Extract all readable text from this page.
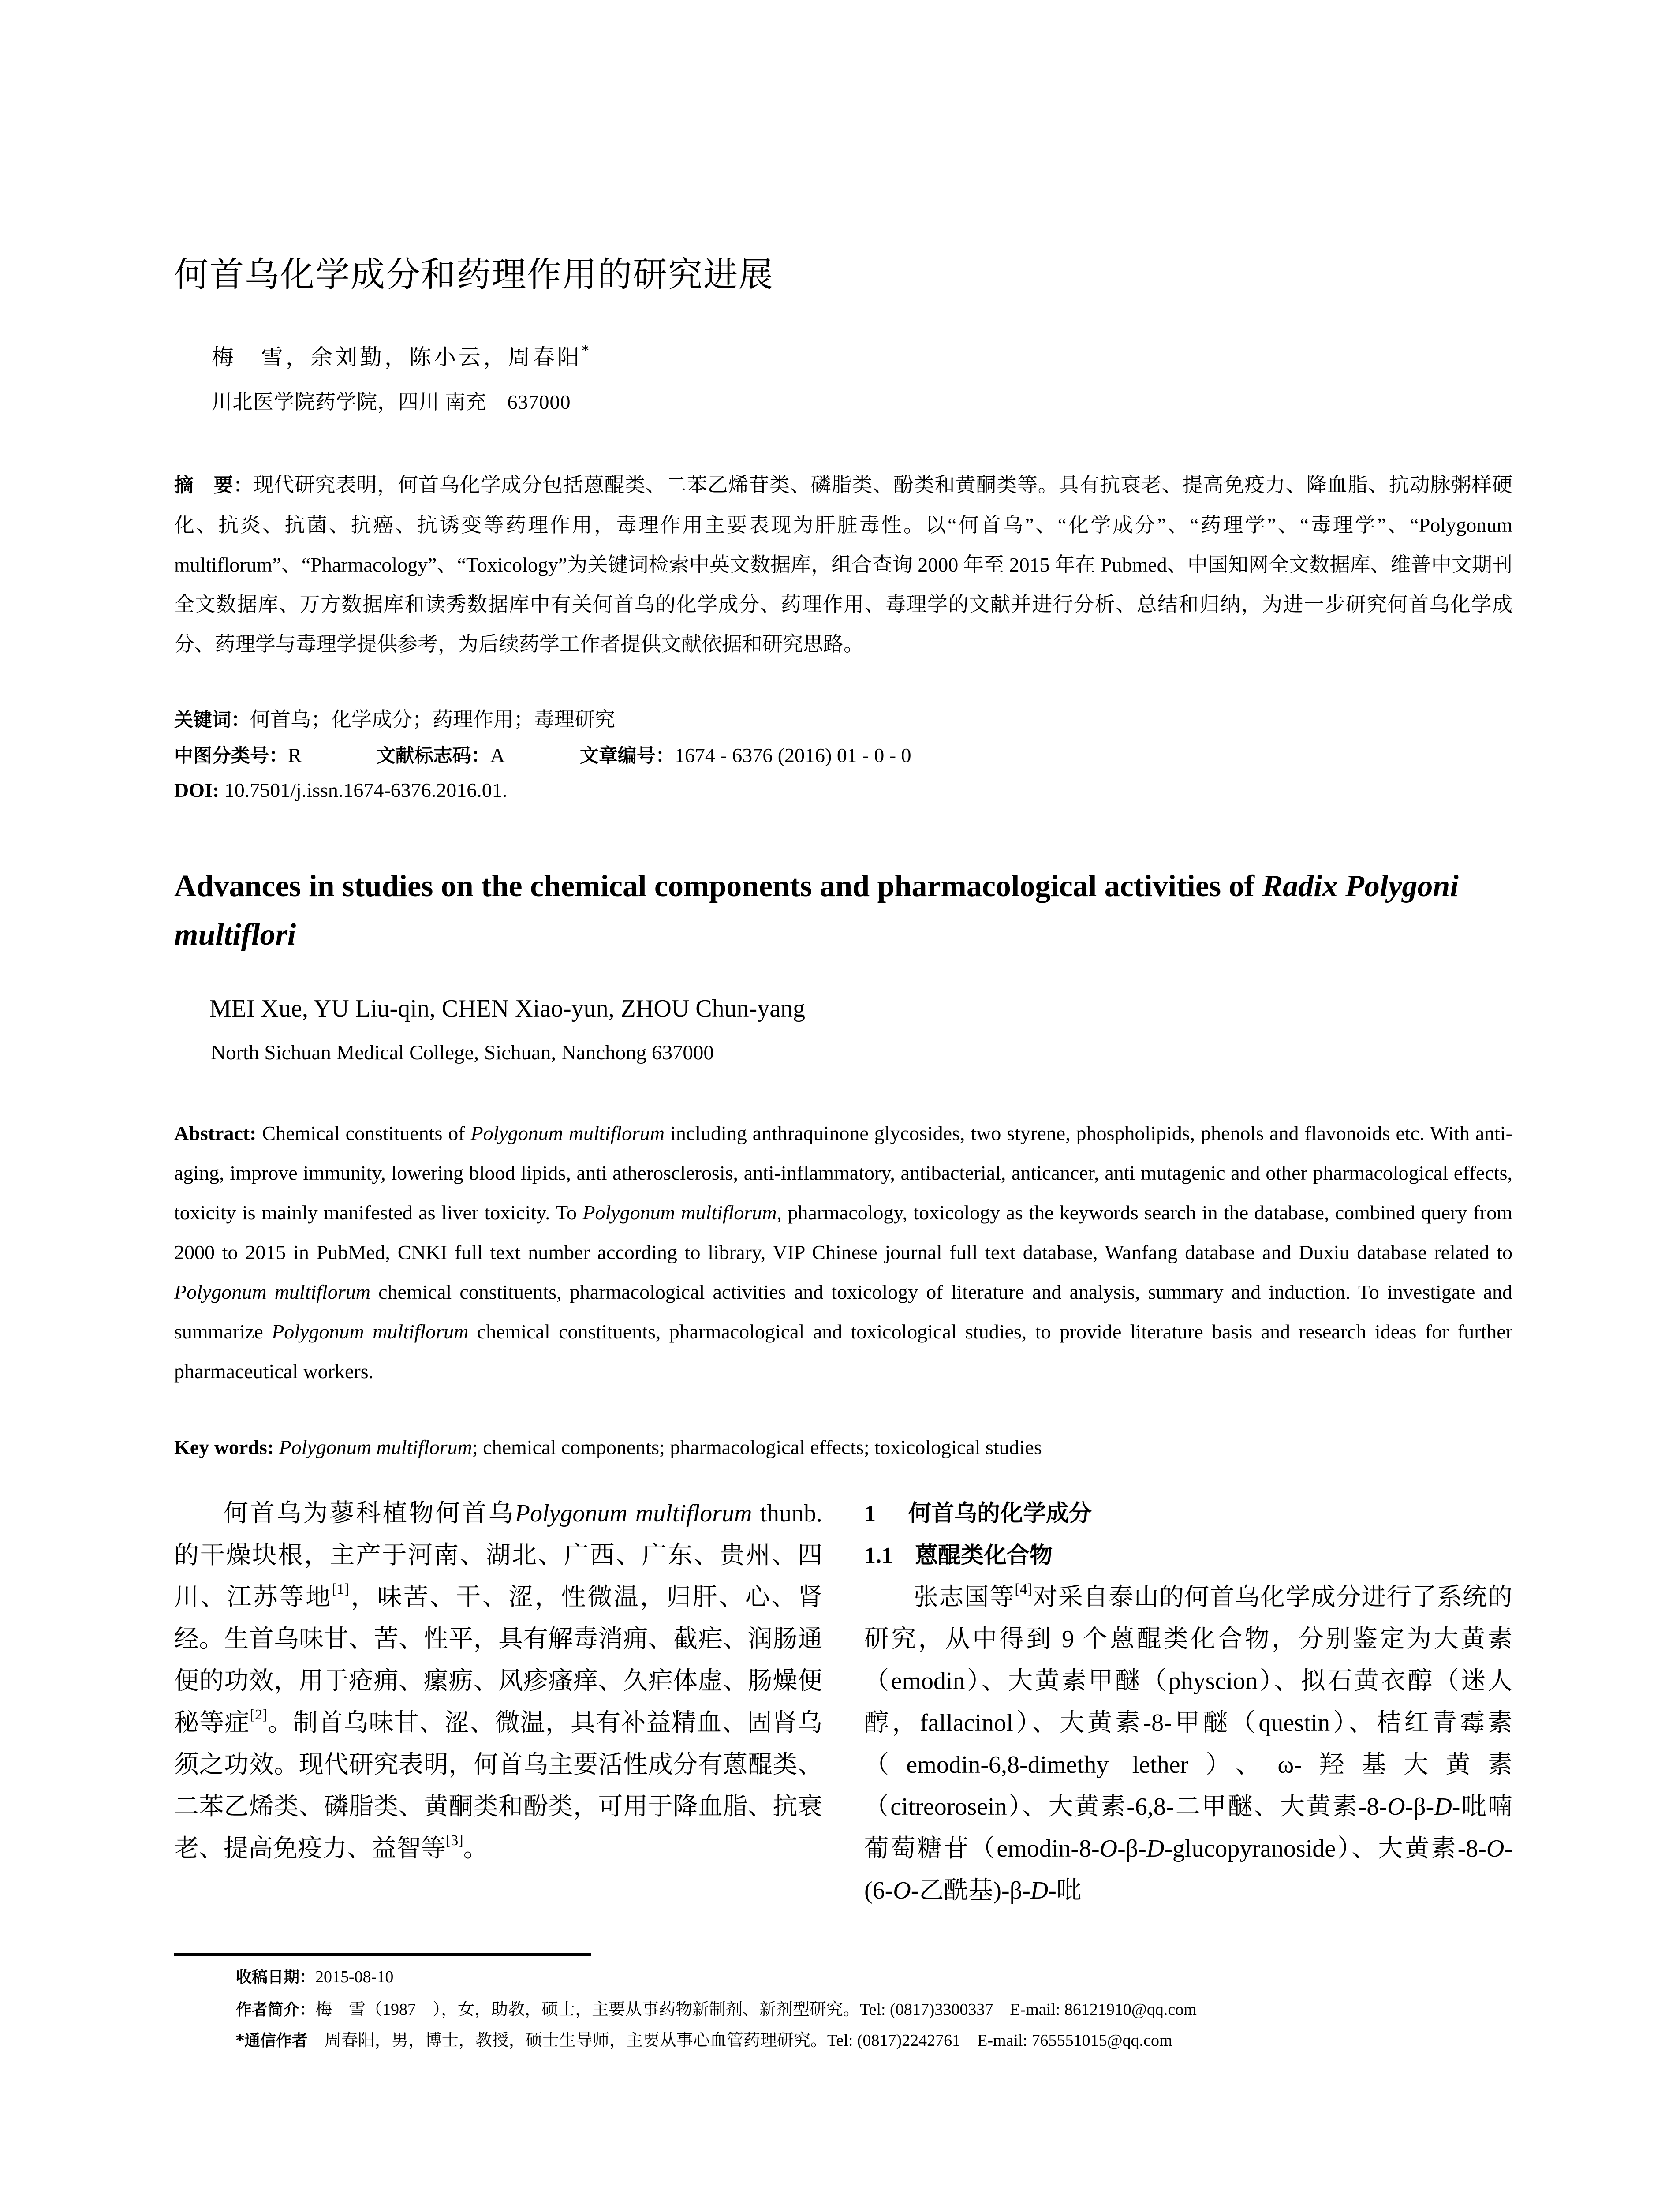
何首乌化学成分和药理作用的研究进展
梅　雪，余刘勤，陈小云，周春阳*
川北医学院药学院，四川 南充　637000
摘　要：现代研究表明，何首乌化学成分包括蒽醌类、二苯乙烯苷类、磷脂类、酚类和黄酮类等。具有抗衰老、提高免疫力、降血脂、抗动脉粥样硬化、抗炎、抗菌、抗癌、抗诱变等药理作用，毒理作用主要表现为肝脏毒性。以“何首乌”、“化学成分”、“药理学”、“毒理学”、“Polygonum multiflorum”、“Pharmacology”、“Toxicology”为关键词检索中英文数据库，组合查询 2000 年至 2015 年在 Pubmed、中国知网全文数据库、维普中文期刊全文数据库、万方数据库和读秀数据库中有关何首乌的化学成分、药理作用、毒理学的文献并进行分析、总结和归纳，为进一步研究何首乌化学成分、药理学与毒理学提供参考，为后续药学工作者提供文献依据和研究思路。
关键词：何首乌；化学成分；药理作用；毒理研究
中图分类号：R	文献标志码：A	文章编号：1674 - 6376 (2016) 01 - 0 - 0
DOI: 10.7501/j.issn.1674-6376.2016.01.
Advances in studies on the chemical components and pharmacological activities of Radix Polygoni multiflori
MEI Xue, YU Liu-qin, CHEN Xiao-yun, ZHOU Chun-yang
North Sichuan Medical College, Sichuan, Nanchong 637000
Abstract: Chemical constituents of Polygonum multiflorum including anthraquinone glycosides, two styrene, phospholipids, phenols and flavonoids etc. With anti-aging, improve immunity, lowering blood lipids, anti atherosclerosis, anti-inflammatory, antibacterial, anticancer, anti mutagenic and other pharmacological effects, toxicity is mainly manifested as liver toxicity. To Polygonum multiflorum, pharmacology, toxicology as the keywords search in the database, combined query from 2000 to 2015 in PubMed, CNKI full text number according to library, VIP Chinese journal full text database, Wanfang database and Duxiu database related to Polygonum multiflorum chemical constituents, pharmacological activities and toxicology of literature and analysis, summary and induction. To investigate and summarize Polygonum multiflorum chemical constituents, pharmacological and toxicological studies, to provide literature basis and research ideas for further pharmaceutical workers.
Key words: Polygonum multiflorum; chemical components; pharmacological effects; toxicological studies

何首乌为蓼科植物何首乌Polygonum multiflorum thunb. 的干燥块根，主产于河南、湖北、广西、广东、贵州、四川、江苏等地[1]，味苦、干、涩，性微温，归肝、心、肾经。生首乌味甘、苦、性平，具有解毒消痈、截疟、润肠通便的功效，用于疮痈、瘰疬、风疹瘙痒、久疟体虚、肠燥便秘等症[2]。制首乌味甘、涩、微温，具有补益精血、固肾乌须之功效。现代研究表明，何首乌主要活性成分有蒽醌类、二苯乙烯类、磷脂类、黄酮类和酚类，可用于降血脂、抗衰老、提高免疫力、益智等[3]。

1 何首乌的化学成分
1.1 蒽醌类化合物

张志国等[4]对采自泰山的何首乌化学成分进行了系统的研究，从中得到 9 个蒽醌类化合物，分别鉴定为大黄素（emodin）、大黄素甲醚（physcion）、拟石黄衣醇（迷人醇，fallacinol）、大黄素-8-甲醚（questin）、桔红青霉素（emodin-6,8-dimethy lether）、ω-羟基大黄素（citreorosein）、大黄素-6,8-二甲醚、大黄素-8-O-β-D-吡喃葡萄糖苷（emodin-8-O-β-D-glucopyranoside）、大黄素-8-O-(6-O-乙酰基)-β-D-吡

收稿日期：2015-08-10
作者简介：梅　雪（1987—），女，助教，硕士，主要从事药物新制剂、新剂型研究。Tel: (0817)3300337　E-mail: 86121910@qq.com
*通信作者　周春阳，男，博士，教授，硕士生导师，主要从事心血管药理研究。Tel: (0817)2242761　E-mail: 765551015@qq.com
